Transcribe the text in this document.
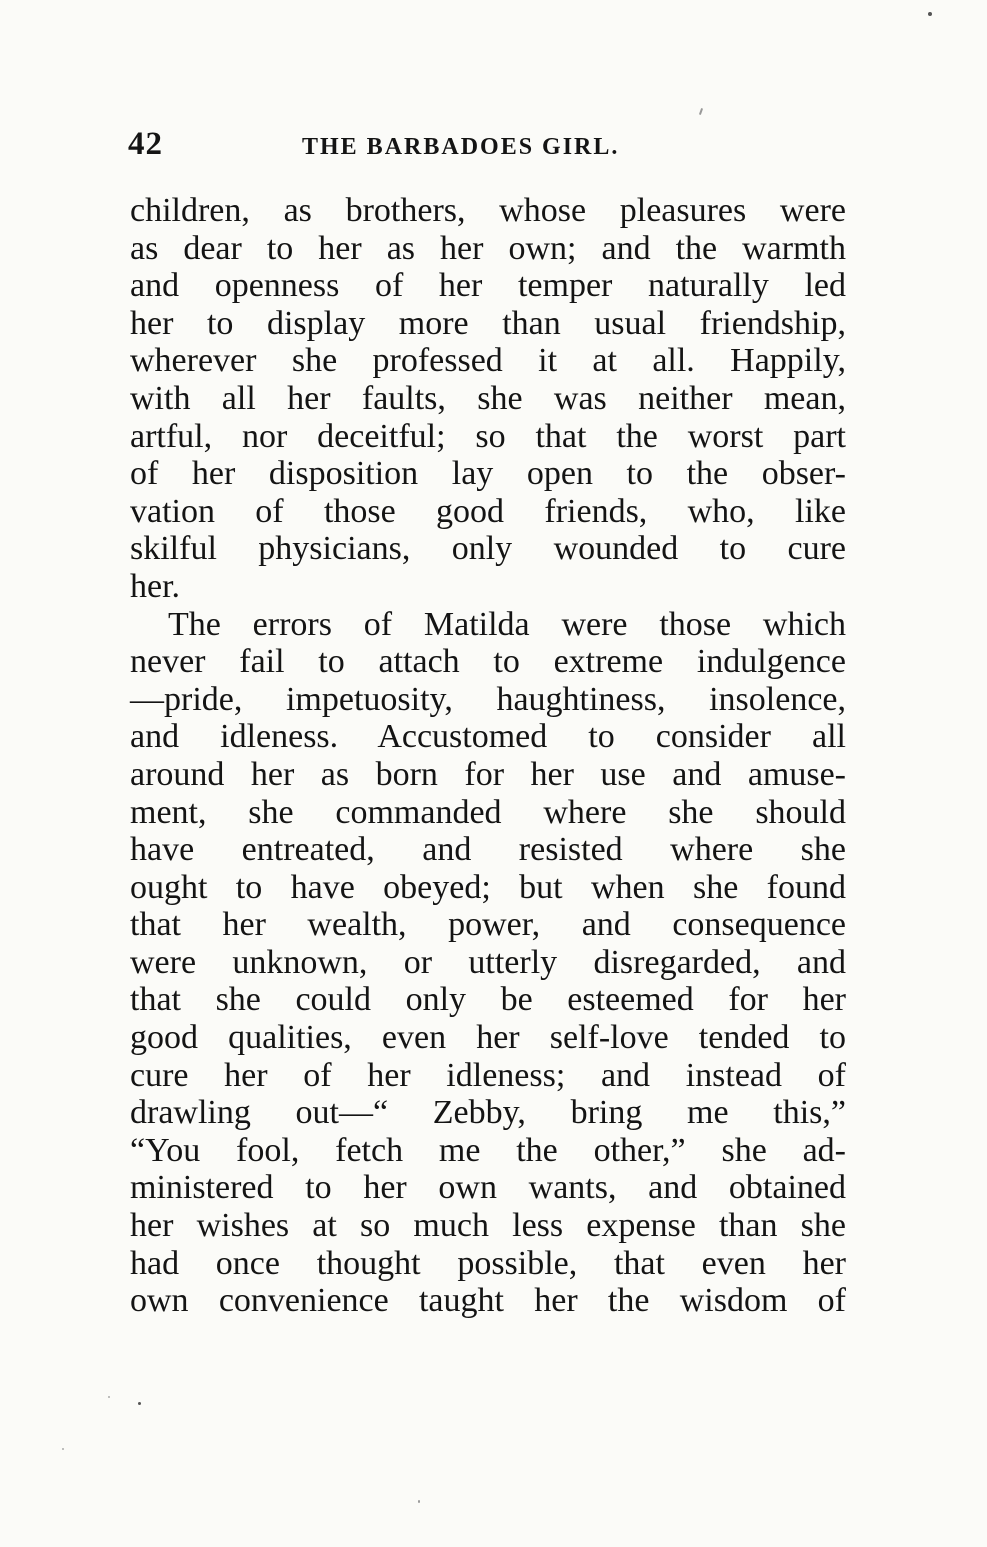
42	THE BARBADOES GIRL.
children, as brothers, whose pleasures were
as dear to her as her own; and the warmth
and openness of her temper naturally led
her to display more than usual friendship,
wherever she professed it at all. Happily,
with all her faults, she was neither mean,
artful, nor deceitful; so that the worst part
of her disposition lay open to the obser-
vation of those good friends, who, like
skilful physicians, only wounded to cure
her.
The errors of Matilda were those which
never fail to attach to extreme indulgence
—pride, impetuosity, haughtiness, insolence,
and idleness. Accustomed to consider all
around her as born for her use and amuse-
ment, she commanded where she should
have entreated, and resisted where she
ought to have obeyed; but when she found
that her wealth, power, and consequence
were unknown, or utterly disregarded, and
that she could only be esteemed for her
good qualities, even her self-love tended to
cure her of her idleness; and instead of
drawling out—“ Zebby, bring me this,”
“You fool, fetch me the other,” she ad-
ministered to her own wants, and obtained
her wishes at so much less expense than she
had once thought possible, that even her
own convenience taught her the wisdom of
